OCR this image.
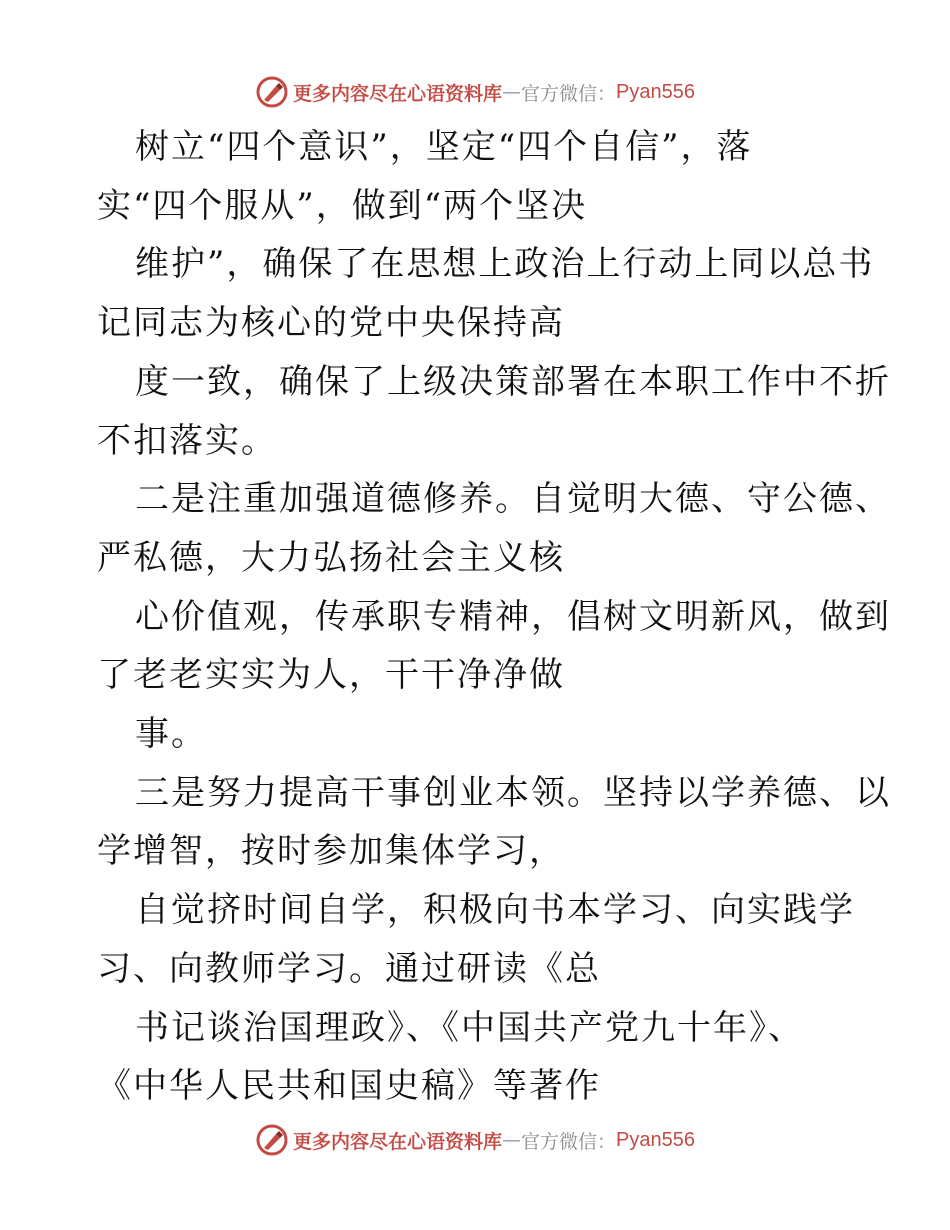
更多内容尽在心语资料库 — 官方微信： Pyan556
树立“四个意识”，坚定“四个自信”，落
实“四个服从”，做到“两个坚决
维护”，确保了在思想上政治上行动上同以总书
记同志为核心的党中央保持高
度一致，确保了上级决策部署在本职工作中不折
不扣落实。
二是注重加强道德修养。自觉明大德、守公德、
严私德，大力弘扬社会主义核
心价值观，传承职专精神，倡树文明新风，做到
了老老实实为人，干干净净做
事。
三是努力提高干事创业本领。坚持以学养德、以
学增智，按时参加集体学习，
自觉挤时间自学，积极向书本学习、向实践学
习、向教师学习。通过研读《总
书记谈治国理政》、《中国共产党九十年》、
《中华人民共和国史稿》等著作
更多内容尽在心语资料库 — 官方微信： Pyan556
